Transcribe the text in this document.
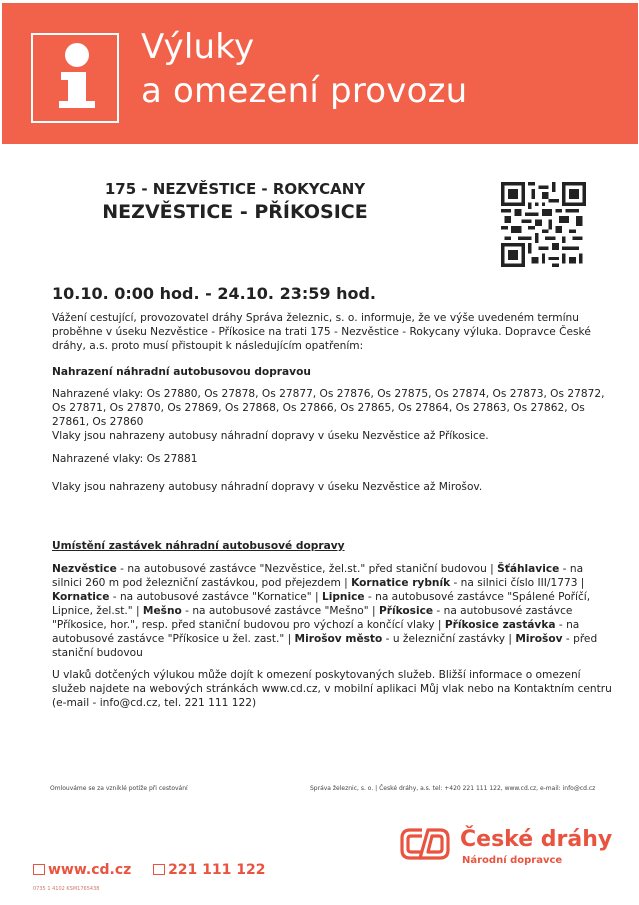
Výluky
a omezení provozu
175 - NEZVĚSTICE - ROKYCANY
NEZVĚSTICE - PŘÍKOSICE
10.10. 0:00 hod. - 24.10. 23:59 hod.
Vážení cestující, provozovatel dráhy Správa železnic, s. o. informuje, že ve výše uvedeném termínu proběhne v úseku Nezvěstice - Příkosice na trati 175 - Nezvěstice - Rokycany výluka. Dopravce České dráhy, a.s. proto musí přistoupit k následujícím opatřením:
Nahrazení náhradní autobusovou dopravou
Nahrazené vlaky: Os 27880, Os 27878, Os 27877, Os 27876, Os 27875, Os 27874, Os 27873, Os 27872, Os 27871, Os 27870, Os 27869, Os 27868, Os 27866, Os 27865, Os 27864, Os 27863, Os 27862, Os 27861, Os 27860
Vlaky jsou nahrazeny autobusy náhradní dopravy v úseku Nezvěstice až Příkosice.
Nahrazené vlaky: Os 27881
Vlaky jsou nahrazeny autobusy náhradní dopravy v úseku Nezvěstice až Mirošov.
Umístění zastávek náhradní autobusové dopravy
Nezvěstice - na autobusové zastávce "Nezvěstice, žel.st." před staniční budovou | Šťáhlavice - na silnici 260 m pod železniční zastávkou, pod přejezdem | Kornatice rybník - na silnici číslo III/1773 | Kornatice - na autobusové zastávce "Kornatice" | Lipnice - na autobusové zastávce "Spálené Poříčí, Lipnice, žel.st." | Mešno - na autobusové zastávce "Mešno" | Příkosice - na autobusové zastávce "Příkosice, hor.", resp. před staniční budovou pro výchozí a končící vlaky | Příkosice zastávka - na autobusové zastávce "Příkosice u žel. zast." | Mirošov město - u železniční zastávky | Mirošov - před staniční budovou
U vlaků dotčených výlukou může dojít k omezení poskytovaných služeb. Bližší informace o omezení služeb najdete na webových stránkách www.cd.cz, v mobilní aplikaci Můj vlak nebo na Kontaktním centru (e-mail - info@cd.cz, tel. 221 111 122)
Omlouváme se za vzniklé potíže při cestování	Správa železnic, s. o. | České dráhy, a.s. tel: +420 221 111 122, www.cd.cz, e-mail: info@cd.cz
České dráhy
Národní dopravce
www.cd.cz	221 111 122
0735 1 4102 KSM1765438
